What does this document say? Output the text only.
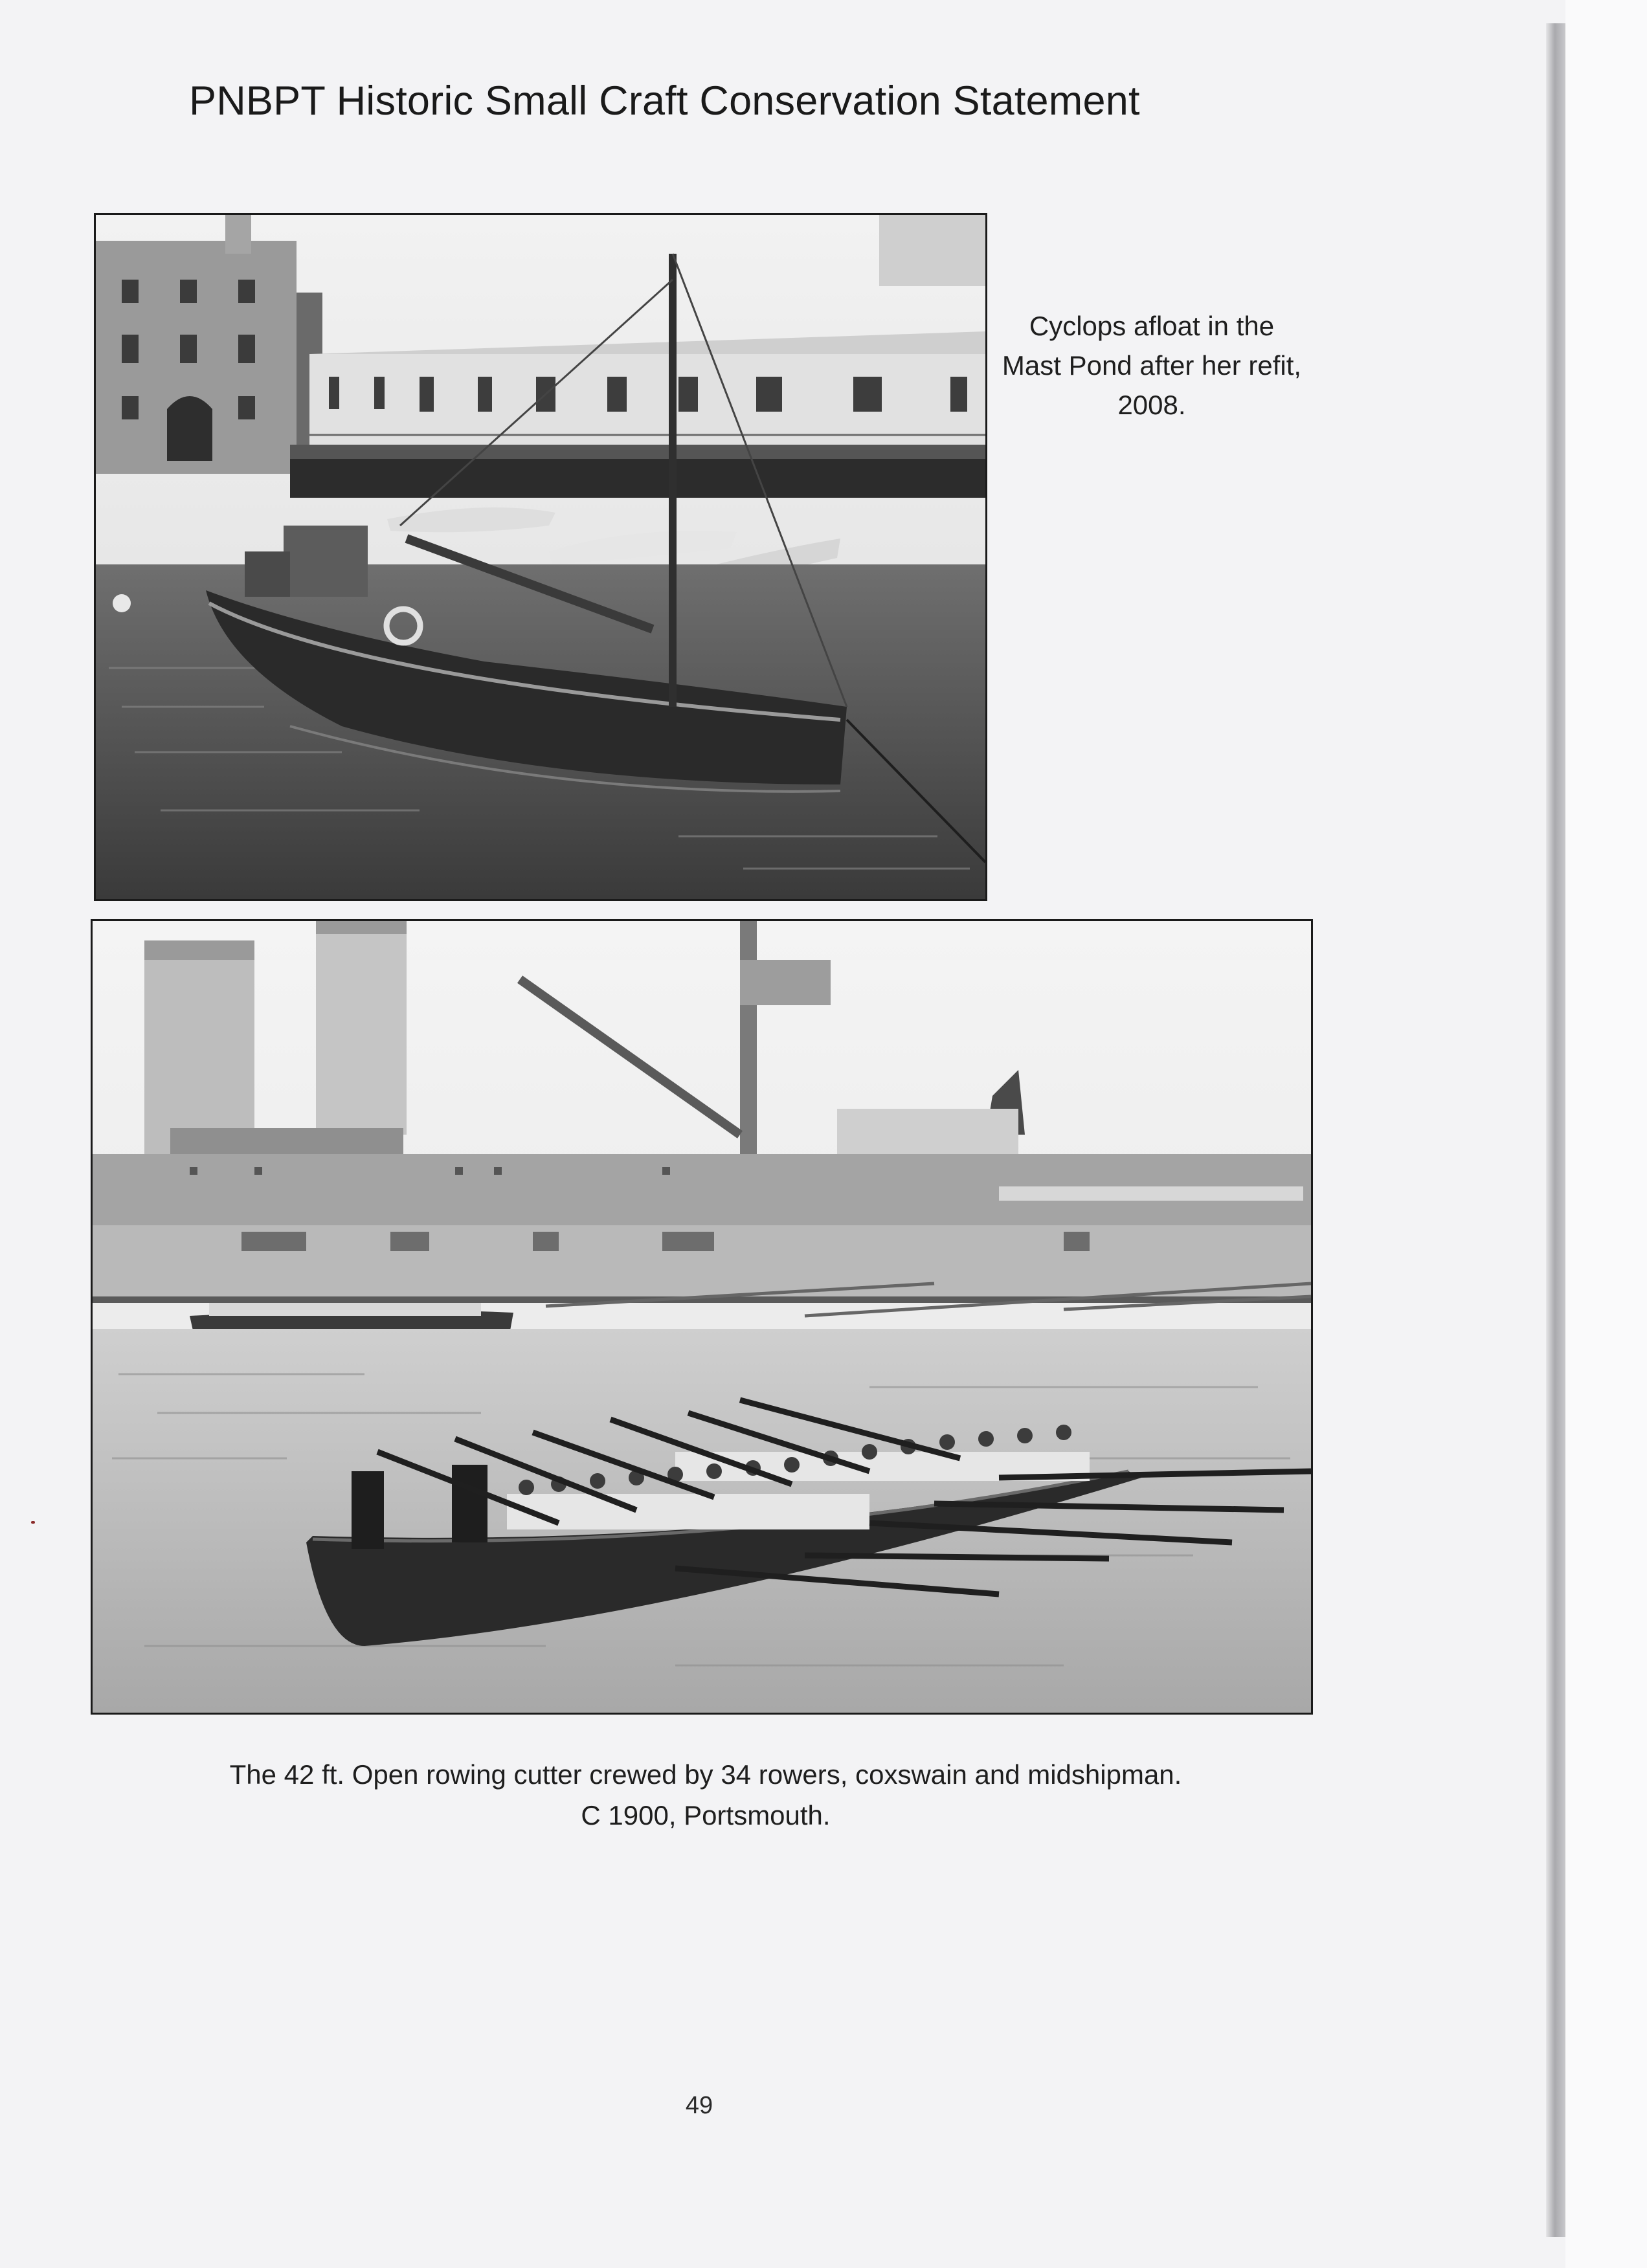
PNBPT Historic Small Craft Conservation Statement
Cyclops afloat in the Mast Pond after her refit, 2008.
The 42 ft. Open rowing cutter crewed by 34 rowers, coxswain and midshipman.
C 1900, Portsmouth.
49
